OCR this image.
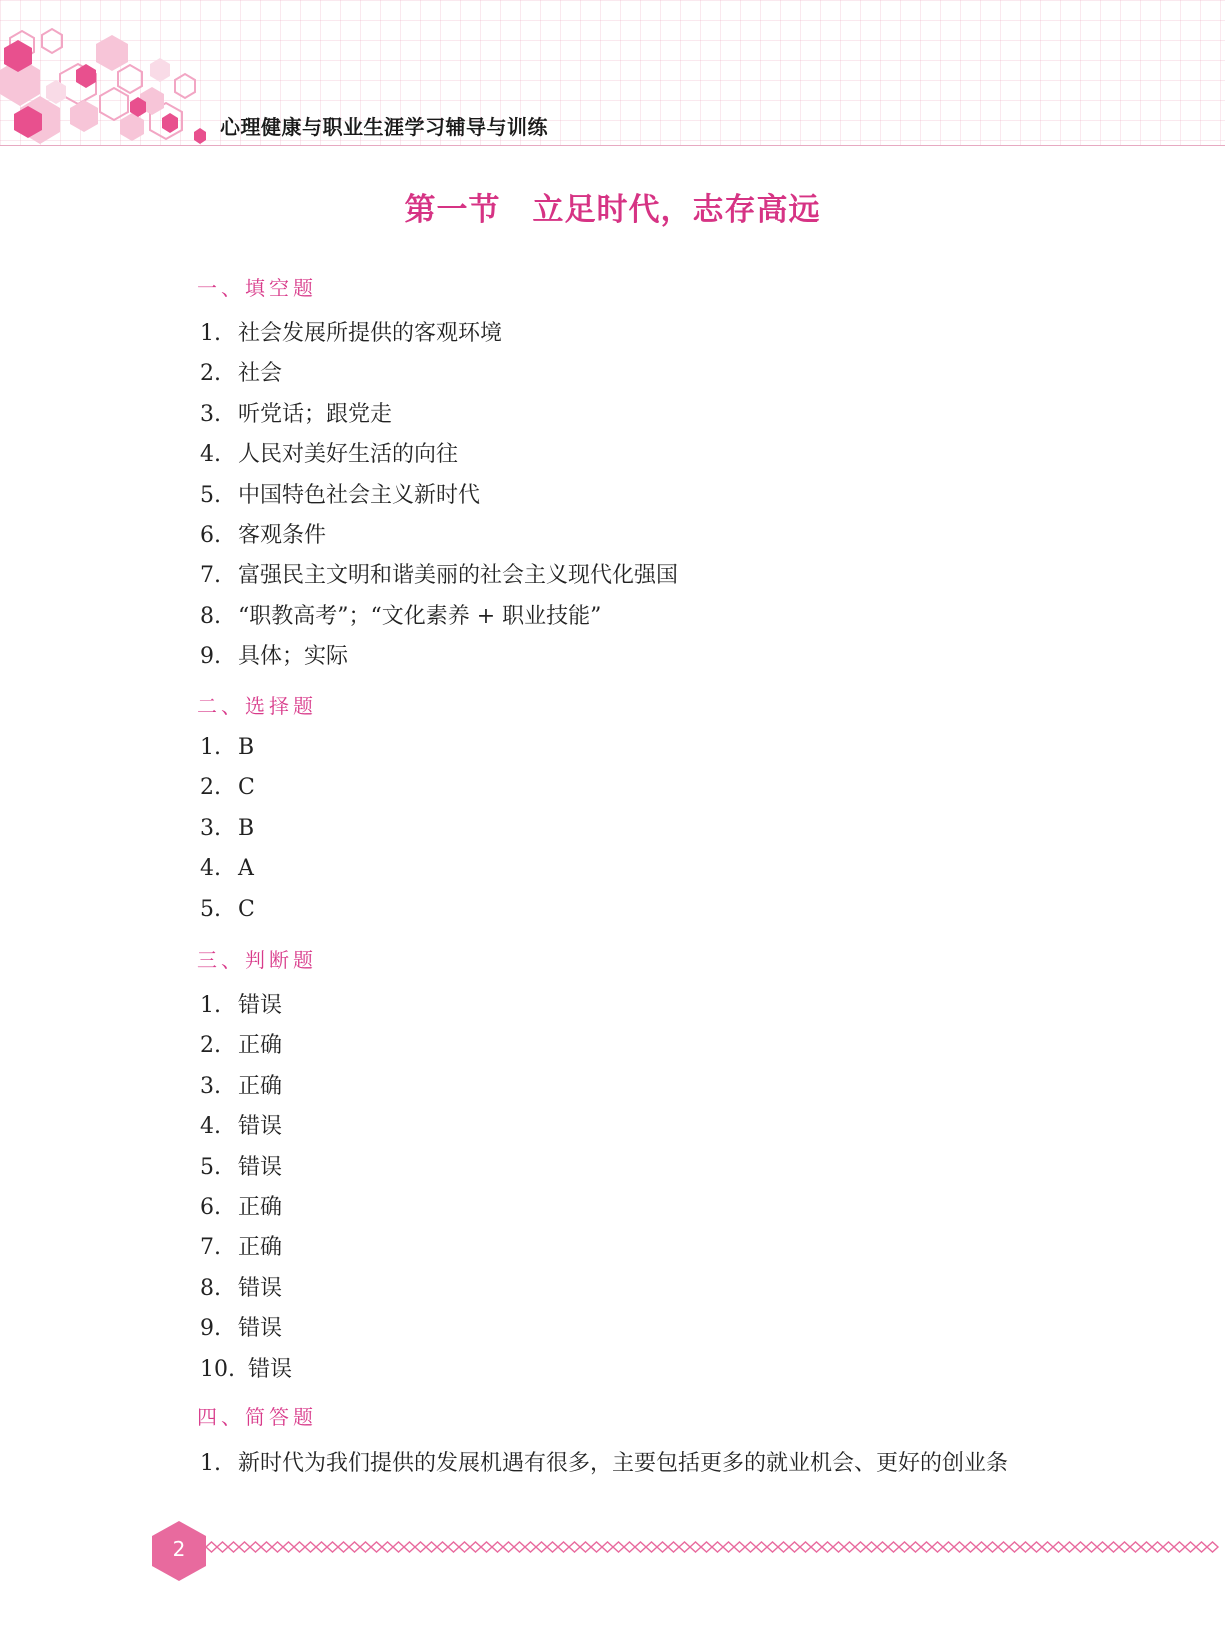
心理健康与职业生涯学习辅导与训练
第一节　立足时代，志存高远
一、填空题
1. 社会发展所提供的客观环境
2. 社会
3. 听党话；跟党走
4. 人民对美好生活的向往
5. 中国特色社会主义新时代
6. 客观条件
7. 富强民主文明和谐美丽的社会主义现代化强国
8. “职教高考”；“文化素养 + 职业技能”
9. 具体；实际
二、选择题
1. B
2. C
3. B
4. A
5. C
三、判断题
1. 错误
2. 正确
3. 正确
4. 错误
5. 错误
6. 正确
7. 正确
8. 错误
9. 错误
10. 错误
四、简答题
1. 新时代为我们提供的发展机遇有很多，主要包括更多的就业机会、更好的创业条
2
